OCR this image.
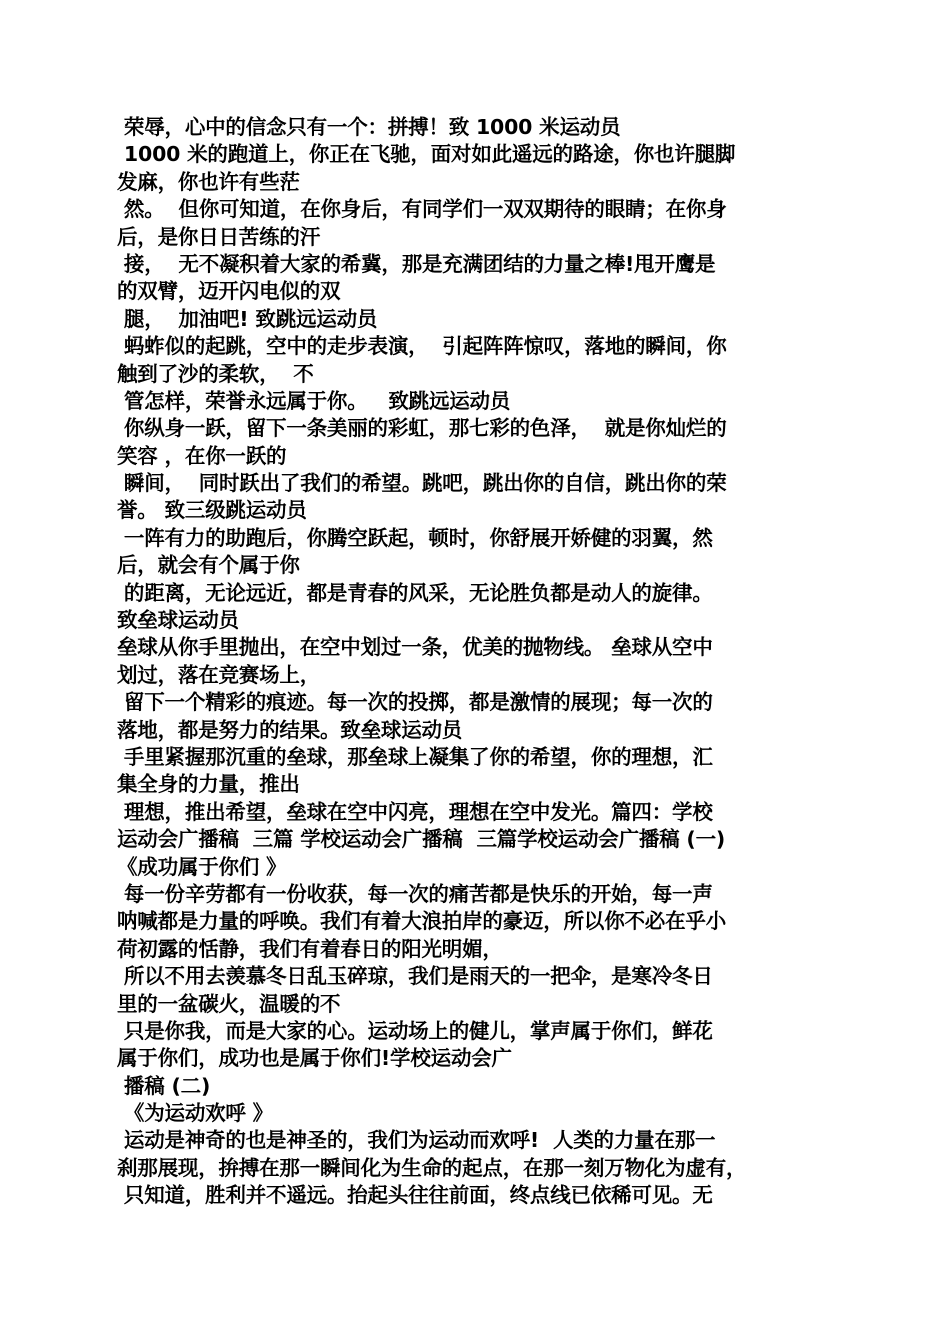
荣辱，心中的信念只有一个：拼搏！致 1000 米运动员
1000 米的跑道上，你正在飞驰，面对如此遥远的路途，你也许腿脚
发麻，你也许有些茫
然。  但你可知道，在你身后，有同学们一双双期待的眼睛；在你身
后，是你日日苦练的汗
接，  无不凝积着大家的希冀，那是充满团结的力量之棒!甩开鹰是
的双臂，迈开闪电似的双
腿，  加油吧! 致跳远运动员
蚂蚱似的起跳，空中的走步表演，  引起阵阵惊叹，落地的瞬间，你
触到了沙的柔软，  不
管怎样，荣誉永远属于你。   致跳远运动员
你纵身一跃，留下一条美丽的彩虹，那七彩的色泽，  就是你灿烂的
笑容 ，在你一跃的
瞬间，  同时跃出了我们的希望。跳吧，跳出你的自信，跳出你的荣
誉。 致三级跳运动员
一阵有力的助跑后，你腾空跃起，顿时，你舒展开娇健的羽翼，然
后，就会有个属于你
的距离，无论远近，都是青春的风采，无论胜负都是动人的旋律。
致垒球运动员
垒球从你手里抛出，在空中划过一条，优美的抛物线。 垒球从空中
划过，落在竞赛场上，
留下一个精彩的痕迹。每一次的投掷，都是激情的展现；每一次的
落地，都是努力的结果。致垒球运动员
手里紧握那沉重的垒球，那垒球上凝集了你的希望，你的理想，汇
集全身的力量，推出
理想，推出希望，垒球在空中闪亮，理想在空中发光。篇四：学校
运动会广播稿  三篇 学校运动会广播稿  三篇学校运动会广播稿 (一)
《成功属于你们 》
每一份辛劳都有一份收获，每一次的痛苦都是快乐的开始，每一声
呐喊都是力量的呼唤。我们有着大浪拍岸的豪迈，所以你不必在乎小
荷初露的恬静，我们有着春日的阳光明媚，
所以不用去羡慕冬日乱玉碎琼，我们是雨天的一把伞，是寒冷冬日
里的一盆碳火，温暖的不
只是你我，而是大家的心。运动场上的健儿，掌声属于你们，鲜花
属于你们，成功也是属于你们!学校运动会广
播稿 (二)
《为运动欢呼 》
运动是神奇的也是神圣的，我们为运动而欢呼!  人类的力量在那一
刹那展现，拚搏在那一瞬间化为生命的起点，在那一刻万物化为虚有，
只知道，胜利并不遥远。抬起头往往前面，终点线已依稀可见。无
